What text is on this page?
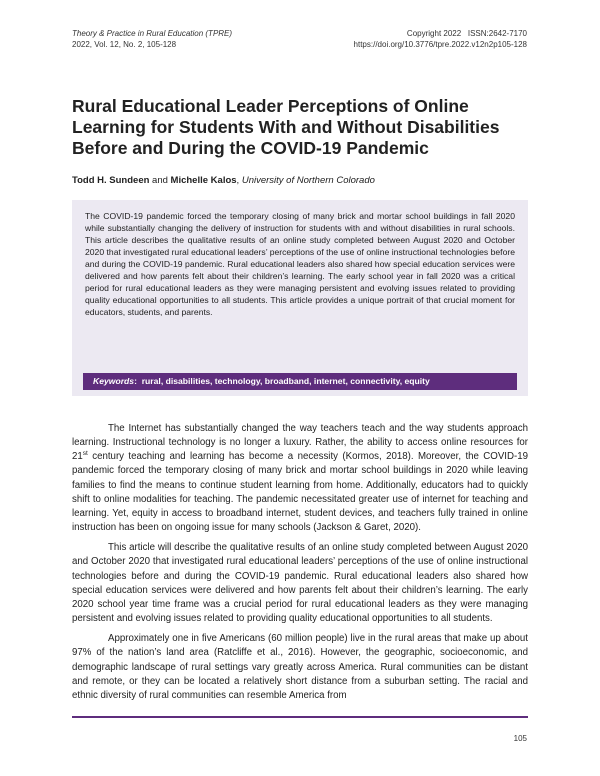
Theory & Practice in Rural Education (TPRE)
2022, Vol. 12, No. 2, 105-128
Copyright 2022   ISSN:2642-7170
https://doi.org/10.3776/tpre.2022.v12n2p105-128
Rural Educational Leader Perceptions of Online Learning for Students With and Without Disabilities Before and During the COVID-19 Pandemic
Todd H. Sundeen and Michelle Kalos, University of Northern Colorado

The COVID-19 pandemic forced the temporary closing of many brick and mortar school buildings in fall 2020 while substantially changing the delivery of instruction for students with and without disabilities in rural schools. This article describes the qualitative results of an online study completed between August 2020 and October 2020 that investigated rural educational leaders’ perceptions of the use of online instructional technologies before and during the COVID-19 pandemic. Rural educational leaders also shared how special education services were delivered and how parents felt about their children’s learning. The early school year in fall 2020 was a critical period for rural educational leaders as they were managing persistent and evolving issues related to providing quality educational opportunities to all students. This article provides a unique portrait of that crucial moment for educators, students, and parents.

Keywords:  rural, disabilities, technology, broadband, internet, connectivity, equity

The Internet has substantially changed the way teachers teach and the way students approach learning. Instructional technology is no longer a luxury. Rather, the ability to access online resources for 21st century teaching and learning has become a necessity (Kormos, 2018). Moreover, the COVID-19 pandemic forced the temporary closing of many brick and mortar school buildings in 2020 while leaving families to find the means to continue student learning from home. Additionally, educators had to quickly shift to online modalities for teaching. The pandemic necessitated greater use of internet for teaching and learning. Yet, equity in access to broadband internet, student devices, and teachers fully trained in online instruction has been on ongoing issue for many schools (Jackson & Garet, 2020).

This article will describe the qualitative results of an online study completed between August 2020 and October 2020 that investigated rural educational leaders’ perceptions of the use of online instructional technologies before and during the COVID-19 pandemic. Rural educational leaders also shared how special education services were delivered and how parents felt about their children’s learning. The early 2020 school year time frame was a crucial period for rural educational leaders as they were managing persistent and evolving issues related to providing quality educational opportunities to all students.

Approximately one in five Americans (60 million people) live in the rural areas that make up about 97% of the nation’s land area (Ratcliffe et al., 2016). However, the geographic, socioeconomic, and demographic landscape of rural settings vary greatly across America. Rural communities can be distant and remote, or they can be located a relatively short distance from a suburban setting. The racial and ethnic diversity of rural communities can resemble America from

105
